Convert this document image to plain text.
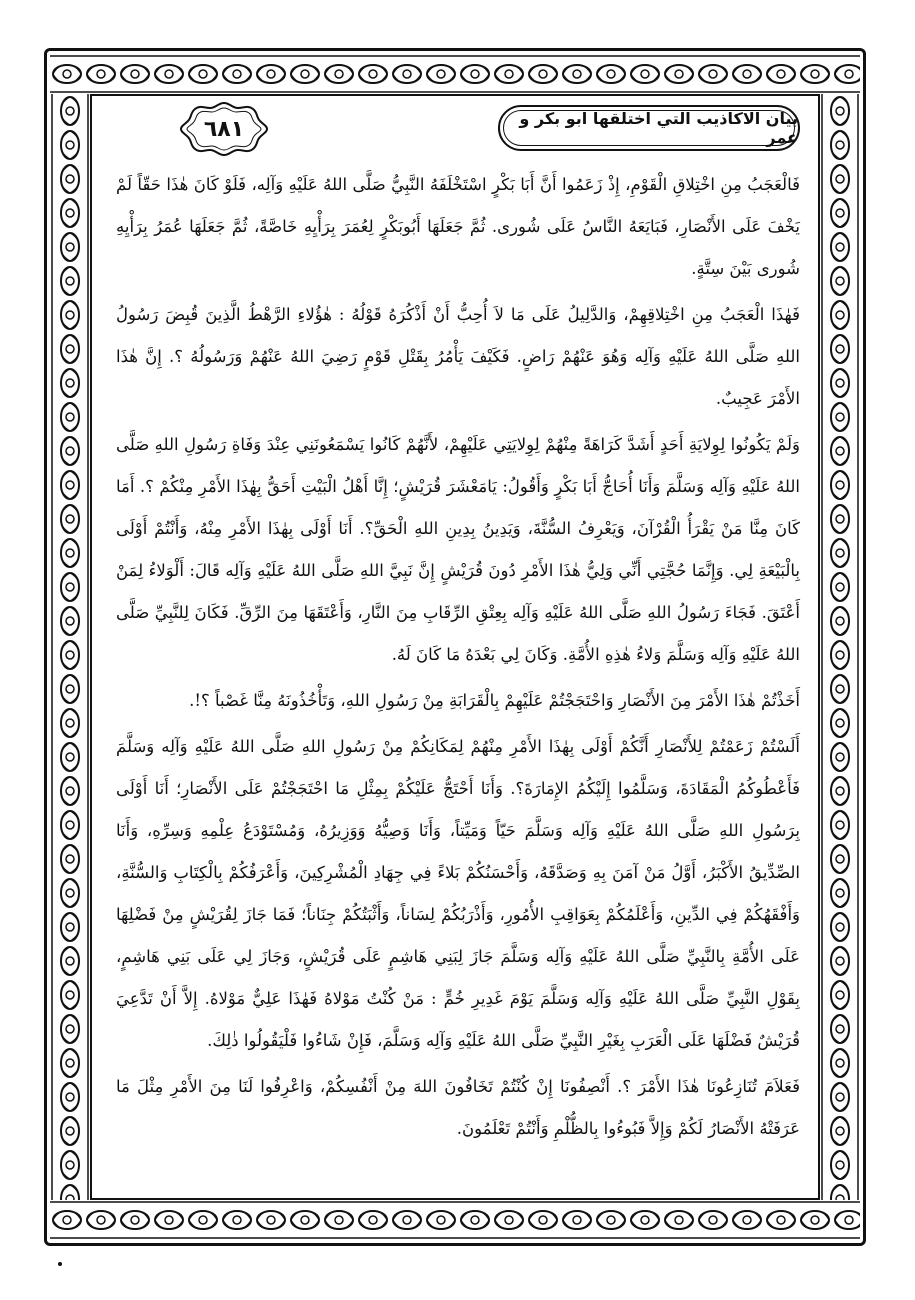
بيان الاكاذيب التي اختلقها ابو بكر و عمر
٦٨١

فَالْعَجَبُ مِنِ اخْتِلاقِ الْقَوْمِ، إِذْ زَعَمُوا أَنَّ أَبَا بَكْرٍ اسْتَخْلَفَهُ النَّبِيُّ صَلَّى اللهُ عَلَيْهِ وَآلِه، فَلَوْ كَانَ هٰذَا حَقّاً لَمْ يَخْفَ عَلَى الأَنْصَارِ، فَبَايَعَهُ النَّاسُ عَلَى شُورى. ثُمَّ جَعَلَهَا أَبُوبَكْرٍ لِعُمَرَ بِرَأْيِهِ خَاصَّةً، ثُمَّ جَعَلَهَا عُمَرُ بِرَأْيِهِ شُورى بَيْنَ سِتَّةٍ.

فَهٰذَا الْعَجَبُ مِنِ اخْتِلاقِهِمْ، وَالدَّلِيلُ عَلَى مَا لاَ أُحِبُّ أَنْ أَذْكُرَهُ قَوْلُهُ : هٰؤُلاءِ الرَّهْطُ الَّذِينَ قُبِضَ رَسُولُ اللهِ صَلَّى اللهُ عَلَيْهِ وَآلِه وَهُوَ عَنْهُمْ رَاضٍ. فَكَيْفَ يَأْمُرُ بِقَتْلِ قَوْمٍ رَضِيَ اللهُ عَنْهُمْ وَرَسُولُهُ ؟. إِنَّ هٰذَا الأَمْرَ عَجِيبٌ.

وَلَمْ يَكُونُوا لِوِلايَةِ أَحَدٍ أَشَدَّ كَرَاهَةً مِنْهُمْ لِوِلايَتِي عَلَيْهِمْ، لأَنَّهُمْ كَانُوا يَسْمَعُونَنِي عِنْدَ وَفَاةِ رَسُولِ اللهِ صَلَّى اللهُ عَلَيْهِ وَآلِه وَسَلَّمَ وَأَنَا أُحَاجُّ أَبَا بَكْرٍ وَأَقُولُ: يَامَعْشَرَ قُرَيْشٍ؛ إِنَّا أَهْلُ الْبَيْتِ أَحَقُّ بِهٰذَا الأَمْرِ مِنْكُمْ ؟. أَمَا كَانَ مِنَّا مَنْ يَقْرَأُ الْقُرْآنَ، وَيَعْرِفُ السُّنَّةَ، وَيَدِينُ بِدِينِ اللهِ الْحَقِّ؟. أَنَا أَوْلَى بِهٰذَا الأَمْرِ مِنْهُ، وَأَنْتُمْ أَوْلَى بِالْبَيْعَةِ لِي. وَإِنَّمَا حُجَّتِي أَنِّي وَلِيُّ هٰذَا الأَمْرِ دُونَ قُرَيْشٍ إِنَّ نَبِيَّ اللهِ صَلَّى اللهُ عَلَيْهِ وَآلِه قَالَ: أَلْوَلاءُ لِمَنْ أَعْتَقَ. فَجَاءَ رَسُولُ اللهِ صَلَّى اللهُ عَلَيْهِ وَآلِه بِعِتْقِ الرِّقَابِ مِنَ النَّارِ، وَأَعْتَقَهَا مِنَ الرِّقِّ. فَكَانَ لِلنَّبِيِّ صَلَّى اللهُ عَلَيْهِ وَآلِه وَسَلَّمَ وَلاءُ هٰذِهِ الأُمَّةِ. وَكَانَ لِي بَعْدَهُ مَا كَانَ لَهُ.

أَخَذْتُمْ هٰذَا الأَمْرَ مِنَ الأَنْصَارِ وَاحْتَجَجْتُمْ عَلَيْهِمْ بِالْقَرَابَةِ مِنْ رَسُولِ اللهِ، وَتَأْخُذُونَهُ مِنَّا غَصْباً ؟!.

أَلَسْتُمْ زَعَمْتُمْ لِلأَنْصَارِ أَنَّكُمْ أَوْلَى بِهٰذَا الأَمْرِ مِنْهُمْ لِمَكَانِكُمْ مِنْ رَسُولِ اللهِ صَلَّى اللهُ عَلَيْهِ وَآلِه وَسَلَّمَ فَأَعْطُوكُمُ الْمَقَادَةَ، وَسَلَّمُوا إِلَيْكُمُ الإِمَارَةَ؟. وَأَنَا أَحْتَجُّ عَلَيْكُمْ بِمِثْلِ مَا احْتَجَجْتُمْ عَلَى الأَنْصَارِ؛ أَنَا أَوْلَى بِرَسُولِ اللهِ صَلَّى اللهُ عَلَيْهِ وَآلِه وَسَلَّمَ حَيّاً وَمَيِّتاً، وَأَنَا وَصِيُّهُ وَوَزِيرُهُ، وَمُسْتَوْدَعُ عِلْمِهِ وَسِرِّهِ، وَأَنَا الصِّدِّيقُ الأَكْبَرُ، أَوَّلُ مَنْ آمَنَ بِهِ وَصَدَّقَهُ، وَأَحْسَنُكُمْ بَلاءً فِي جِهَادِ الْمُشْرِكِينَ، وَأَعْرَفُكُمْ بِالْكِتَابِ وَالسُّنَّةِ، وَأَفْقَهُكُمْ فِي الدِّينِ، وَأَعْلَمُكُمْ بِعَوَاقِبِ الأُمُورِ، وَأَذْرَبُكُمْ لِسَاناً، وَأَثْبَتُكُمْ جِنَاناً؛ فَمَا جَازَ لِقُرَيْشٍ مِنْ فَضْلِهَا عَلَى الأُمَّةِ بِالنَّبِيِّ صَلَّى اللهُ عَلَيْهِ وَآلِه وَسَلَّمَ جَازَ لِبَنِي هَاشِمٍ عَلَى قُرَيْشٍ، وَجَازَ لِي عَلَى بَنِي هَاشِمٍ، بِقَوْلِ النَّبِيِّ صَلَّى اللهُ عَلَيْهِ وَآلِه وَسَلَّمَ يَوْمَ غَدِيرِ خُمٍّ : مَنْ كُنْتُ مَوْلاهُ فَهٰذَا عَلِيٌّ مَوْلاهُ. إِلاَّ أَنْ تَدَّعِيَ قُرَيْشٌ فَضْلَهَا عَلَى الْعَرَبِ بِغَيْرِ النَّبِيِّ صَلَّى اللهُ عَلَيْهِ وَآلِه وَسَلَّمَ، فَإِنْ شَاءُوا فَلْيَقُولُوا ذٰلِكَ.

فَعَلاَمَ تُنَازِعُونَا هٰذَا الأَمْرَ ؟. أَنْصِفُونَا إِنْ كُنْتُمْ تَخَافُونَ اللهَ مِنْ أَنْفُسِكُمْ، وَاعْرِفُوا لَنَا مِنَ الأَمْرِ مِثْلَ مَا عَرَفَتْهُ الأَنْصَارُ لَكُمْ وَإِلاَّ فَبُوءُوا بِالظُّلْمِ وَأَنْتُمْ تَعْلَمُونَ.
